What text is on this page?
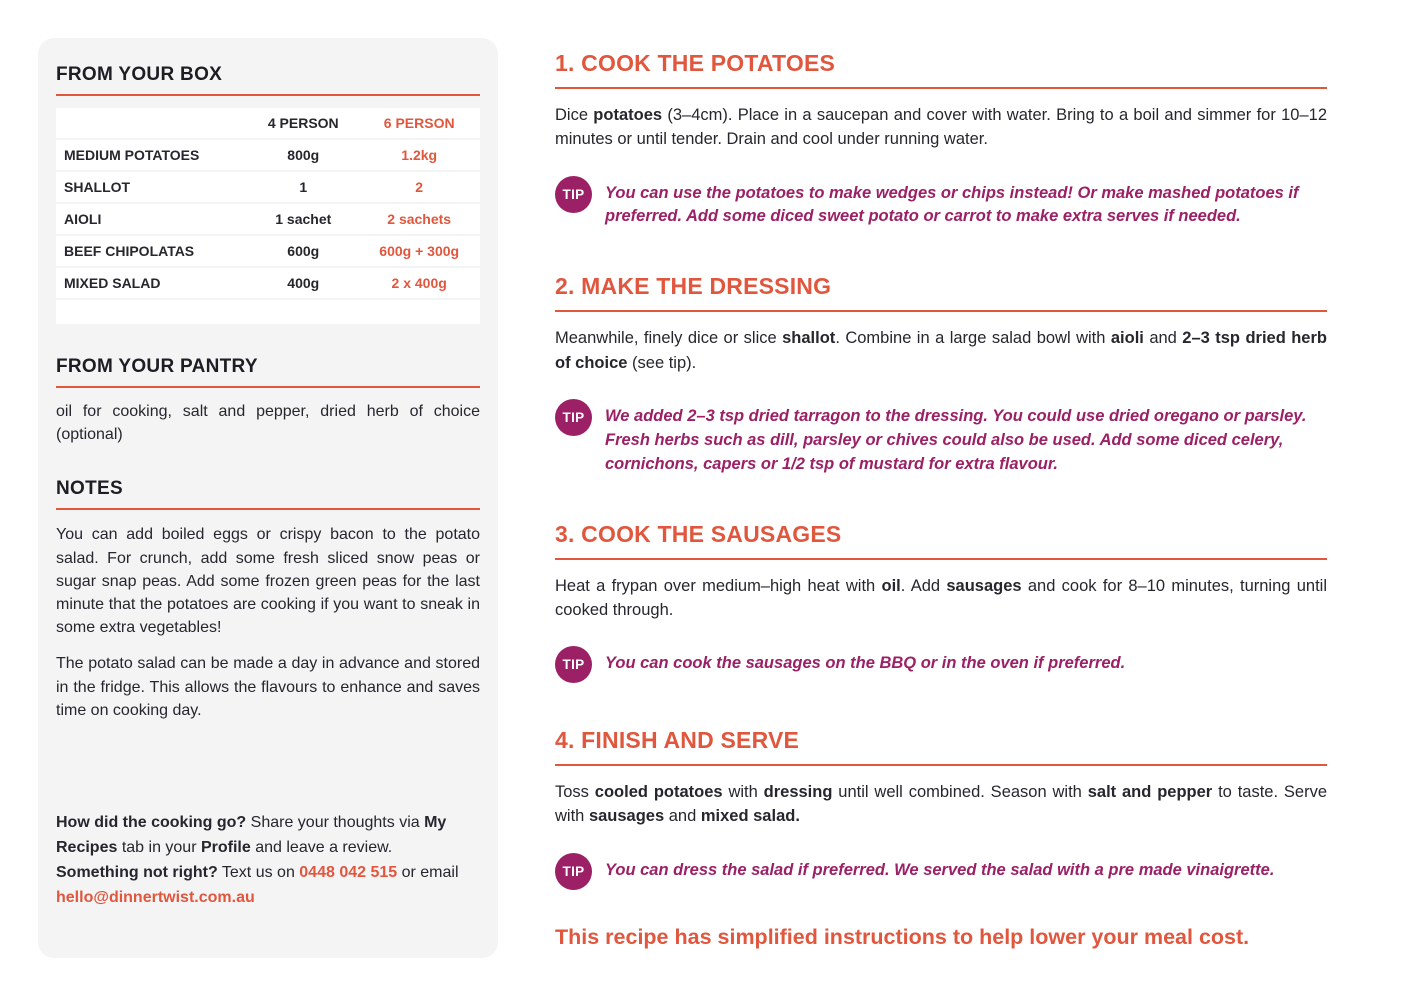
FROM YOUR BOX
	4 PERSON	6 PERSON
MEDIUM POTATOES	800g	1.2kg
SHALLOT	1	2
AIOLI	1 sachet	2 sachets
BEEF CHIPOLATAS	600g	600g + 300g
MIXED SALAD	400g	2 x 400g

FROM YOUR PANTRY

oil for cooking, salt and pepper, dried herb of choice (optional)

NOTES

You can add boiled eggs or crispy bacon to the potato salad. For crunch, add some fresh sliced snow peas or sugar snap peas. Add some frozen green peas for the last minute that the potatoes are cooking if you want to sneak in some extra vegetables!

The potato salad can be made a day in advance and stored in the fridge. This allows the flavours to enhance and saves time on cooking day.

How did the cooking go? Share your thoughts via My Recipes tab in your Profile and leave a review.

Something not right? Text us on 0448 042 515 or email hello@dinnertwist.com.au

1. COOK THE POTATOES

Dice potatoes (3–4cm). Place in a saucepan and cover with water. Bring to a boil and simmer for 10–12 minutes or until tender. Drain and cool under running water.

TIP	You can use the potatoes to make wedges or chips instead! Or make mashed potatoes if preferred. Add some diced sweet potato or carrot to make extra serves if needed.
2. MAKE THE DRESSING

Meanwhile, finely dice or slice shallot. Combine in a large salad bowl with aioli and 2–3 tsp dried herb of choice (see tip).

TIP	We added 2–3 tsp dried tarragon to the dressing. You could use dried oregano or parsley. Fresh herbs such as dill, parsley or chives could also be used. Add some diced celery, cornichons, capers or 1/2 tsp of mustard for extra flavour.
3. COOK THE SAUSAGES

Heat a frypan over medium–high heat with oil. Add sausages and cook for 8–10 minutes, turning until cooked through.

TIP	You can cook the sausages on the BBQ or in the oven if preferred.
4. FINISH AND SERVE

Toss cooled potatoes with dressing until well combined. Season with salt and pepper to taste. Serve with sausages and mixed salad.

TIP	You can dress the salad if preferred. We served the salad with a pre made vinaigrette.
This recipe has simplified instructions to help lower your meal cost.
